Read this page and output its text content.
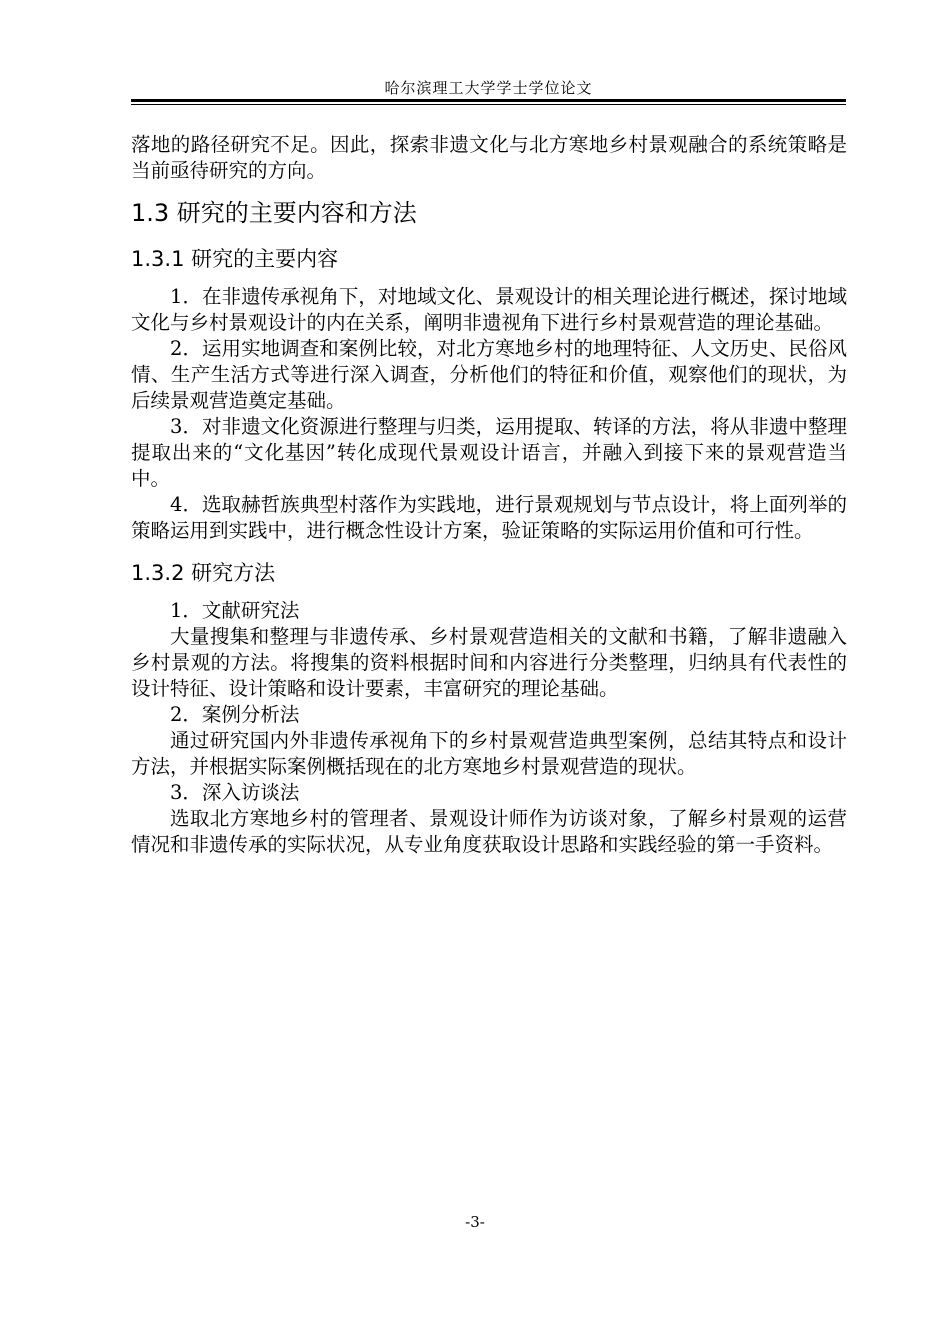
哈尔滨理工大学学士学位论文

落地的路径研究不足。因此，探索非遗文化与北方寒地乡村景观融合的系统策略是当前亟待研究的方向。

1.3 研究的主要内容和方法
1.3.1 研究的主要内容

1．在非遗传承视角下，对地域文化、景观设计的相关理论进行概述，探讨地域文化与乡村景观设计的内在关系，阐明非遗视角下进行乡村景观营造的理论基础。

2．运用实地调查和案例比较，对北方寒地乡村的地理特征、人文历史、民俗风情、生产生活方式等进行深入调查，分析他们的特征和价值，观察他们的现状，为后续景观营造奠定基础。

3．对非遗文化资源进行整理与归类，运用提取、转译的方法，将从非遗中整理提取出来的“文化基因”转化成现代景观设计语言，并融入到接下来的景观营造当中。

4．选取赫哲族典型村落作为实践地，进行景观规划与节点设计，将上面列举的策略运用到实践中，进行概念性设计方案，验证策略的实际运用价值和可行性。

1.3.2 研究方法

1．文献研究法

大量搜集和整理与非遗传承、乡村景观营造相关的文献和书籍，了解非遗融入乡村景观的方法。将搜集的资料根据时间和内容进行分类整理，归纳具有代表性的设计特征、设计策略和设计要素，丰富研究的理论基础。

2．案例分析法

通过研究国内外非遗传承视角下的乡村景观营造典型案例，总结其特点和设计方法，并根据实际案例概括现在的北方寒地乡村景观营造的现状。

3．深入访谈法

选取北方寒地乡村的管理者、景观设计师作为访谈对象，了解乡村景观的运营情况和非遗传承的实际状况，从专业角度获取设计思路和实践经验的第一手资料。

-3-
